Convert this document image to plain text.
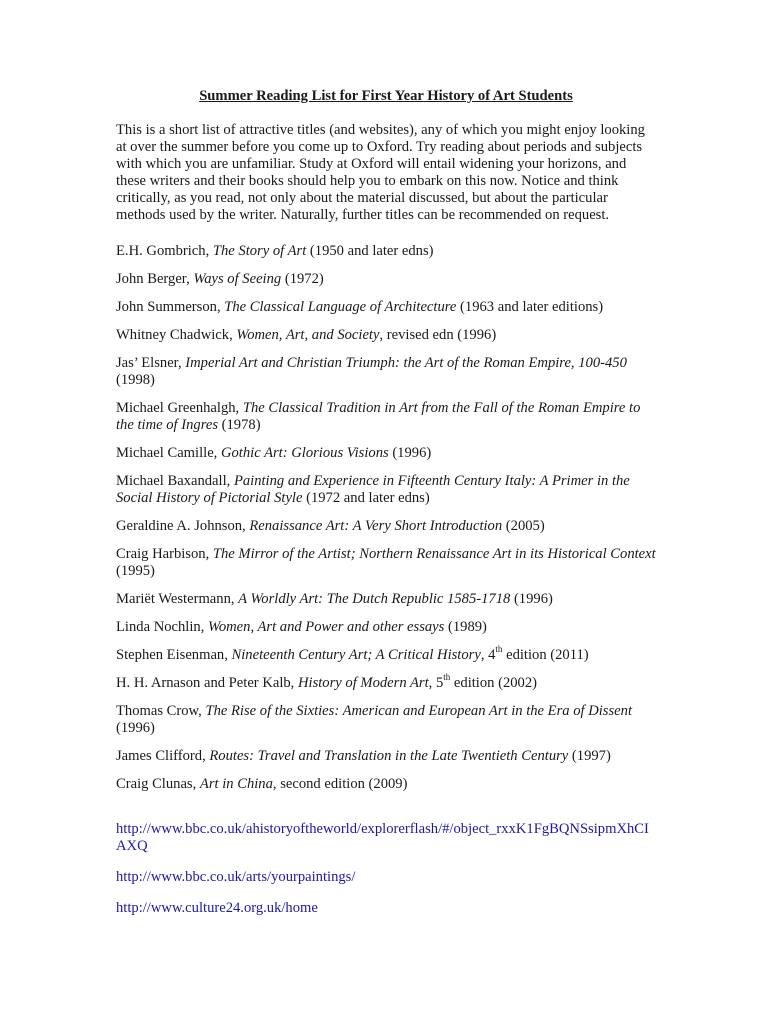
Summer Reading List for First Year History of Art Students
This is a short list of attractive titles (and websites), any of which you might enjoy looking at over the summer before you come up to Oxford. Try reading about periods and subjects with which you are unfamiliar. Study at Oxford will entail widening your horizons, and these writers and their books should help you to embark on this now. Notice and think critically, as you read, not only about the material discussed, but about the particular methods used by the writer. Naturally, further titles can be recommended on request.
E.H. Gombrich, The Story of Art (1950 and later edns)
John Berger, Ways of Seeing (1972)
John Summerson, The Classical Language of Architecture (1963 and later editions)
Whitney Chadwick, Women, Art, and Society, revised edn (1996)
Jas’ Elsner, Imperial Art and Christian Triumph: the Art of the Roman Empire, 100-450 (1998)
Michael Greenhalgh, The Classical Tradition in Art from the Fall of the Roman Empire to the time of Ingres (1978)
Michael Camille, Gothic Art: Glorious Visions (1996)
Michael Baxandall, Painting and Experience in Fifteenth Century Italy: A Primer in the Social History of Pictorial Style (1972 and later edns)
Geraldine A. Johnson, Renaissance Art: A Very Short Introduction (2005)
Craig Harbison, The Mirror of the Artist; Northern Renaissance Art in its Historical Context (1995)
Mariët Westermann, A Worldly Art: The Dutch Republic 1585-1718 (1996)
Linda Nochlin, Women, Art and Power and other essays (1989)
Stephen Eisenman, Nineteenth Century Art; A Critical History, 4th edition (2011)
H. H. Arnason and Peter Kalb, History of Modern Art, 5th edition (2002)
Thomas Crow, The Rise of the Sixties: American and European Art in the Era of Dissent (1996)
James Clifford, Routes: Travel and Translation in the Late Twentieth Century (1997)
Craig Clunas, Art in China, second edition (2009)
http://www.bbc.co.uk/ahistoryoftheworld/explorerflash/#/object_rxxK1FgBQNSsipmXhCIAXQ
http://www.bbc.co.uk/arts/yourpaintings/
http://www.culture24.org.uk/home
